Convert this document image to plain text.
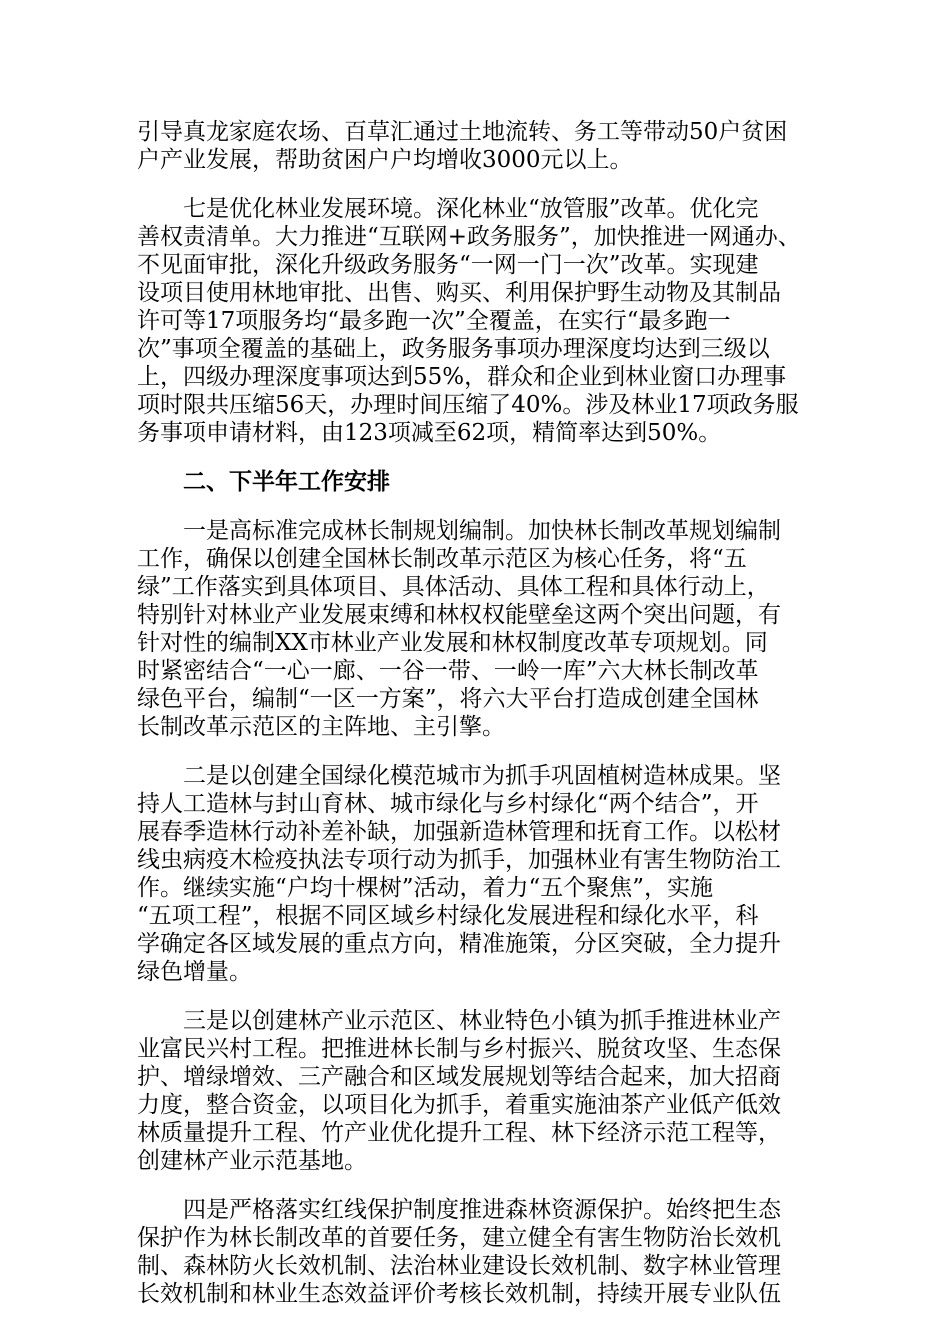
引导真龙家庭农场、百草汇通过土地流转、务工等带动50户贫困
户产业发展，帮助贫困户户均增收3000元以上。
七是优化林业发展环境。深化林业“放管服”改革。优化完
善权责清单。大力推进“互联网+政务服务”，加快推进一网通办、
不见面审批，深化升级政务服务“一网一门一次”改革。实现建
设项目使用林地审批、出售、购买、利用保护野生动物及其制品
许可等17项服务均“最多跑一次”全覆盖，在实行“最多跑一
次”事项全覆盖的基础上，政务服务事项办理深度均达到三级以
上，四级办理深度事项达到55%，群众和企业到林业窗口办理事
项时限共压缩56天，办理时间压缩了40%。涉及林业17项政务服
务事项申请材料，由123项减至62项，精简率达到50%。
二、下半年工作安排
一是高标准完成林长制规划编制。加快林长制改革规划编制
工作，确保以创建全国林长制改革示范区为核心任务，将“五
绿”工作落实到具体项目、具体活动、具体工程和具体行动上，
特别针对林业产业发展束缚和林权权能壁垒这两个突出问题，有
针对性的编制XX市林业产业发展和林权制度改革专项规划。同
时紧密结合“一心一廊、一谷一带、一岭一库”六大林长制改革
绿色平台，编制“一区一方案”，将六大平台打造成创建全国林
长制改革示范区的主阵地、主引擎。
二是以创建全国绿化模范城市为抓手巩固植树造林成果。坚
持人工造林与封山育林、城市绿化与乡村绿化“两个结合”，开
展春季造林行动补差补缺，加强新造林管理和抚育工作。以松材
线虫病疫木检疫执法专项行动为抓手，加强林业有害生物防治工
作。继续实施“户均十棵树”活动，着力“五个聚焦”，实施
“五项工程”，根据不同区域乡村绿化发展进程和绿化水平，科
学确定各区域发展的重点方向，精准施策，分区突破，全力提升
绿色增量。
三是以创建林产业示范区、林业特色小镇为抓手推进林业产
业富民兴村工程。把推进林长制与乡村振兴、脱贫攻坚、生态保
护、增绿增效、三产融合和区域发展规划等结合起来，加大招商
力度，整合资金，以项目化为抓手，着重实施油茶产业低产低效
林质量提升工程、竹产业优化提升工程、林下经济示范工程等，
创建林产业示范基地。
四是严格落实红线保护制度推进森林资源保护。始终把生态
保护作为林长制改革的首要任务，建立健全有害生物防治长效机
制、森林防火长效机制、法治林业建设长效机制、数字林业管理
长效机制和林业生态效益评价考核长效机制，持续开展专业队伍
